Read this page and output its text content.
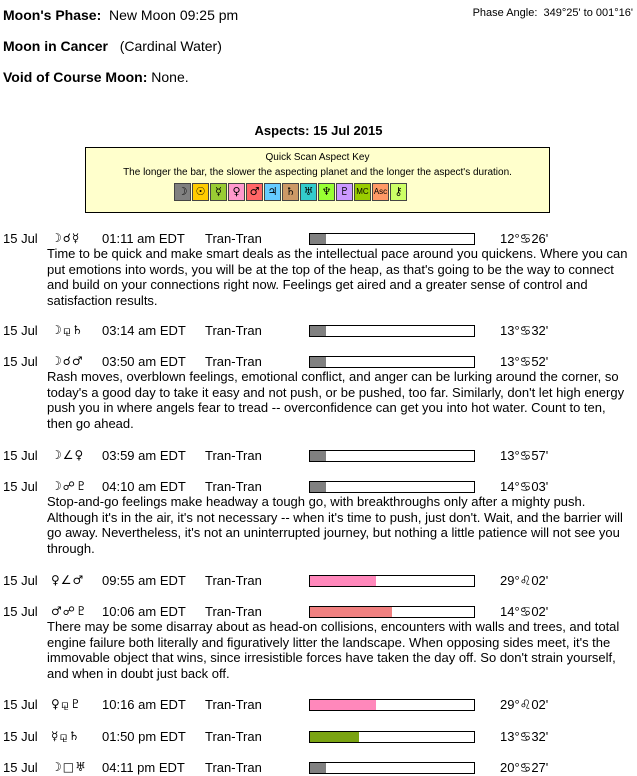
Moon's Phase: New Moon 09:25 pm	Phase Angle: 349°25' to 001°16'
Moon in Cancer (Cardinal Water)
Void of Course Moon: None.
Aspects: 15 Jul 2015
Quick Scan Aspect Key
The longer the bar, the slower the aspecting planet and the longer the aspect's duration.
☽ ☉ ☿ ♀ ♂ ♃ ♄ ♅ ♆ ♇ MC Asc ⚷
15 Jul ☽☌☿ 01:11 am EDT Tran-Tran	12°♋26'
Time to be quick and make smart deals as the intellectual pace around you quickens. Where you can put emotions into words, you will be at the top of the heap, as that's going to be the way to connect and build on your connections right now. Feelings get aired and a greater sense of control and satisfaction results.
15 Jul ☽⚼♄ 03:14 am EDT Tran-Tran	13°♋32'
15 Jul ☽☌♂ 03:50 am EDT Tran-Tran	13°♋52'
Rash moves, overblown feelings, emotional conflict, and anger can be lurking around the corner, so today's a good day to take it easy and not push, or be pushed, too far. Similarly, don't let high energy push you in where angels fear to tread -- overconfidence can get you into hot water. Count to ten, then go ahead.
15 Jul ☽∠♀ 03:59 am EDT Tran-Tran	13°♋57'
15 Jul ☽☍♇ 04:10 am EDT Tran-Tran	14°♋03'
Stop-and-go feelings make headway a tough go, with breakthroughs only after a mighty push. Although it's in the air, it's not necessary -- when it's time to push, just don't. Wait, and the barrier will go away. Nevertheless, it's not an uninterrupted journey, but nothing a little patience will not see you through.
15 Jul ♀∠♂ 09:55 am EDT Tran-Tran	29°♌02'
15 Jul ♂☍♇ 10:06 am EDT Tran-Tran	14°♋02'
There may be some disarray about as head-on collisions, encounters with walls and trees, and total engine failure both literally and figuratively litter the landscape. When opposing sides meet, it's the immovable object that wins, since irresistible forces have taken the day off. So don't strain yourself, and when in doubt just back off.
15 Jul ♀⚼♇ 10:16 am EDT Tran-Tran	29°♌02'
15 Jul ☿⚼♄ 01:50 pm EDT Tran-Tran	13°♋32'
15 Jul ☽□♅ 04:11 pm EDT Tran-Tran	20°♋27'
